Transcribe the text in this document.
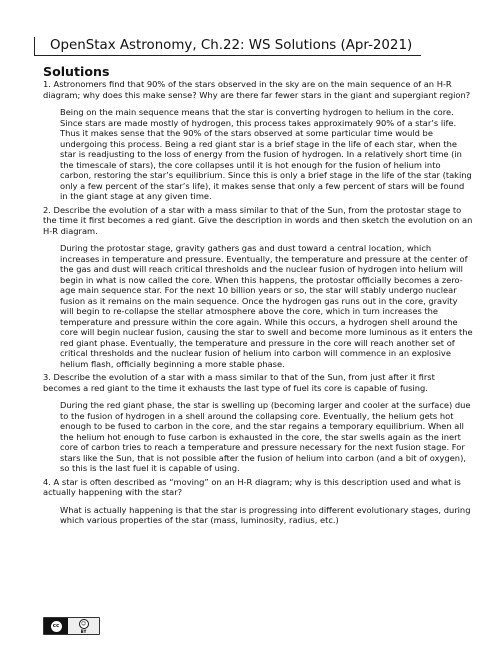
OpenStax Astronomy, Ch.22: WS Solutions (Apr-2021)
Solutions
1. Astronomers find that 90% of the stars observed in the sky are on the main sequence of an H-R diagram; why does this make sense? Why are there far fewer stars in the giant and supergiant region?
Being on the main sequence means that the star is converting hydrogen to helium in the core. Since stars are made mostly of hydrogen, this process takes approximately 90% of a star’s life. Thus it makes sense that the 90% of the stars observed at some particular time would be undergoing this process. Being a red giant star is a brief stage in the life of each star, when the star is readjusting to the loss of energy from the fusion of hydrogen. In a relatively short time (in the timescale of stars), the core collapses until it is hot enough for the fusion of helium into carbon, restoring the star’s equilibrium. Since this is only a brief stage in the life of the star (taking only a few percent of the star’s life), it makes sense that only a few percent of stars will be found in the giant stage at any given time.
2. Describe the evolution of a star with a mass similar to that of the Sun, from the protostar stage to the time it first becomes a red giant. Give the description in words and then sketch the evolution on an H-R diagram.
During the protostar stage, gravity gathers gas and dust toward a central location, which increases in temperature and pressure. Eventually, the temperature and pressure at the center of the gas and dust will reach critical thresholds and the nuclear fusion of hydrogen into helium will begin in what is now called the core. When this happens, the protostar officially becomes a zero-age main sequence star. For the next 10 billion years or so, the star will stably undergo nuclear fusion as it remains on the main sequence. Once the hydrogen gas runs out in the core, gravity will begin to re-collapse the stellar atmosphere above the core, which in turn increases the temperature and pressure within the core again. While this occurs, a hydrogen shell around the core will begin nuclear fusion, causing the star to swell and become more luminous as it enters the red giant phase. Eventually, the temperature and pressure in the core will reach another set of critical thresholds and the nuclear fusion of helium into carbon will commence in an explosive helium flash, officially beginning a more stable phase.
3. Describe the evolution of a star with a mass similar to that of the Sun, from just after it first becomes a red giant to the time it exhausts the last type of fuel its core is capable of fusing.
During the red giant phase, the star is swelling up (becoming larger and cooler at the surface) due to the fusion of hydrogen in a shell around the collapsing core. Eventually, the helium gets hot enough to be fused to carbon in the core, and the star regains a temporary equilibrium. When all the helium hot enough to fuse carbon is exhausted in the core, the star swells again as the inert core of carbon tries to reach a temperature and pressure necessary for the next fusion stage. For stars like the Sun, that is not possible after the fusion of helium into carbon (and a bit of oxygen), so this is the last fuel it is capable of using.
4. A star is often described as “moving” on an H-R diagram; why is this description used and what is actually happening with the star?
What is actually happening is that the star is progressing into different evolutionary stages, during which various properties of the star (mass, luminosity, radius, etc.)
cc	☺
BY
